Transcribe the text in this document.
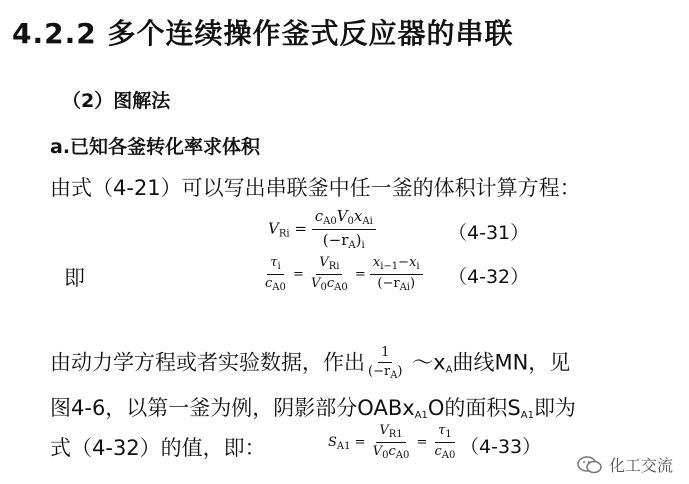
4.2.2 多个连续操作釜式反应器的串联
（2）图解法
a.已知各釜转化率求体积
由式（4-21）可以写出串联釜中任一釜的体积计算方程：
$V_{Ri} = \frac{c_{A0}V_0x_{Ai}}{(-r_A)_i}$	（4-31）
即	$\frac{\tau_i}{c_{A0}} = \frac{V_{Ri}}{V_0c_{A0}} = \frac{x_{i-1}-x_i}{(-r_{Ai})} (4-32)$
由动力学方程或者实验数据，作出 $\frac{1}{(-r_A)}$ $\sim x_A$曲线MN，见
图4-6，以第一釜为例，阴影部分OABx$_{A1}$O的面积$S_{A1}$即为
式（4-32）的值，即：	$S_{A1} = \frac{V_{R1}}{V_0c_{A0}} = \frac{\tau_1}{c_{A0}} (4-33)$
化工交流
